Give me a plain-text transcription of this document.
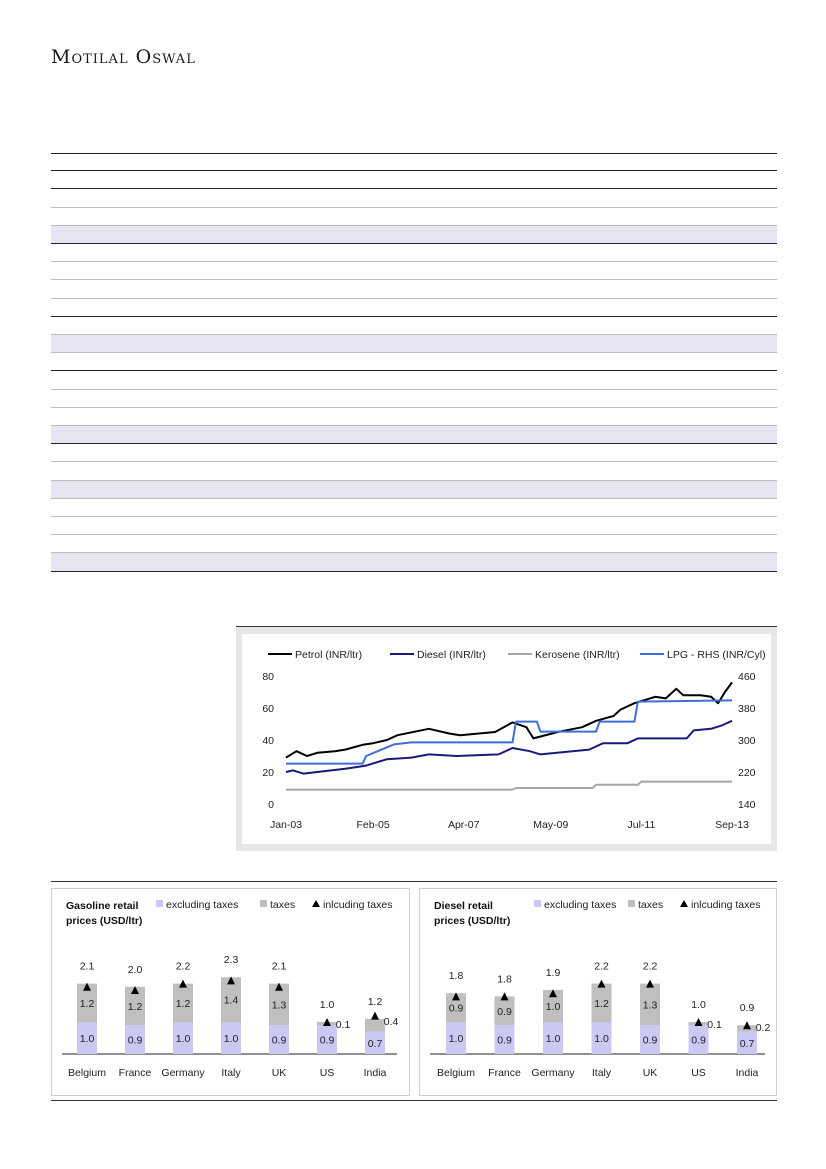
Motilal Oswal
Petrol (INR/ltr)	Diesel (INR/ltr)	Kerosene (INR/ltr)	LPG - RHS (INR/Cyl)
0
20
40
60
80
140
220
300
380
460
Jan-03	Feb-05	Apr-07	May-09	Jul-11	Sep-13
Gasoline retail
prices (USD/ltr)
excluding taxes	taxes	inlcuding taxes
1.0
1.2
2.1
Belgium
0.9
1.2
2.0
France
1.0
1.2
2.2
Germany
1.0
1.4
2.3
Italy
0.9
1.3
2.1
UK
0.9
0.1
1.0
US
0.7
0.4
1.2
India
Diesel retail
prices (USD/ltr)
excluding taxes taxes	inlcuding taxes
1.0
0.9
1.8
Belgium
0.9
0.9
1.8
France
1.0
1.0
1.9
Germany
1.0
1.2
2.2
Italy
0.9
1.3
2.2
UK
0.9
0.1
1.0
US
0.7
0.2
0.9
India
